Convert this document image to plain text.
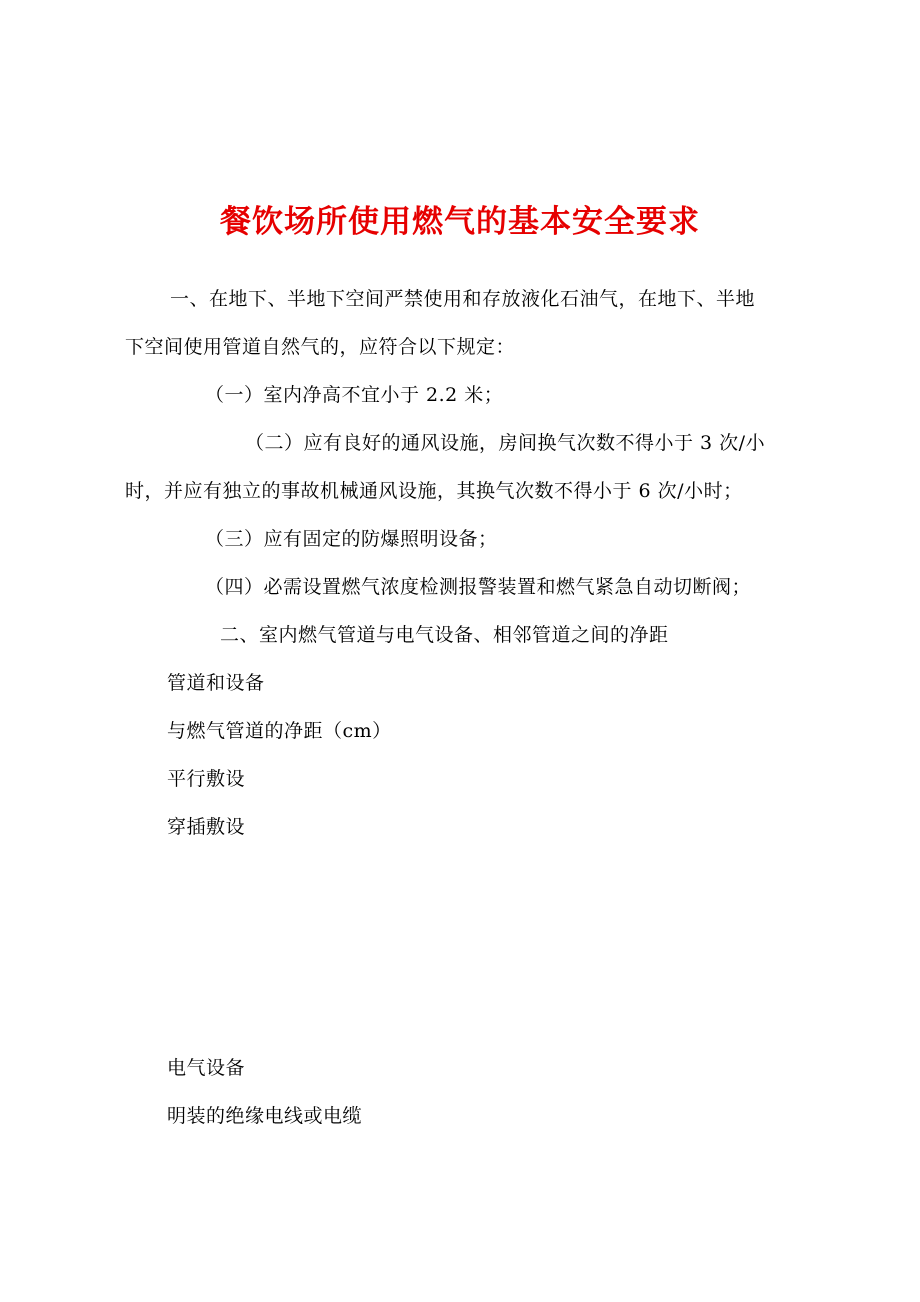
餐饮场所使用燃气的基本安全要求
一、在地下、半地下空间严禁使用和存放液化石油气，在地下、半地
下空间使用管道自然气的，应符合以下规定：
（一）室内净高不宜小于 2.2 米；
（二）应有良好的通风设施，房间换气次数不得小于 3 次/小
时，并应有独立的事故机械通风设施，其换气次数不得小于 6 次/小时；
（三）应有固定的防爆照明设备；
（四）必需设置燃气浓度检测报警装置和燃气紧急自动切断阀；
二、室内燃气管道与电气设备、相邻管道之间的净距
管道和设备
与燃气管道的净距（cm）
平行敷设
穿插敷设
电气设备
明装的绝缘电线或电缆
